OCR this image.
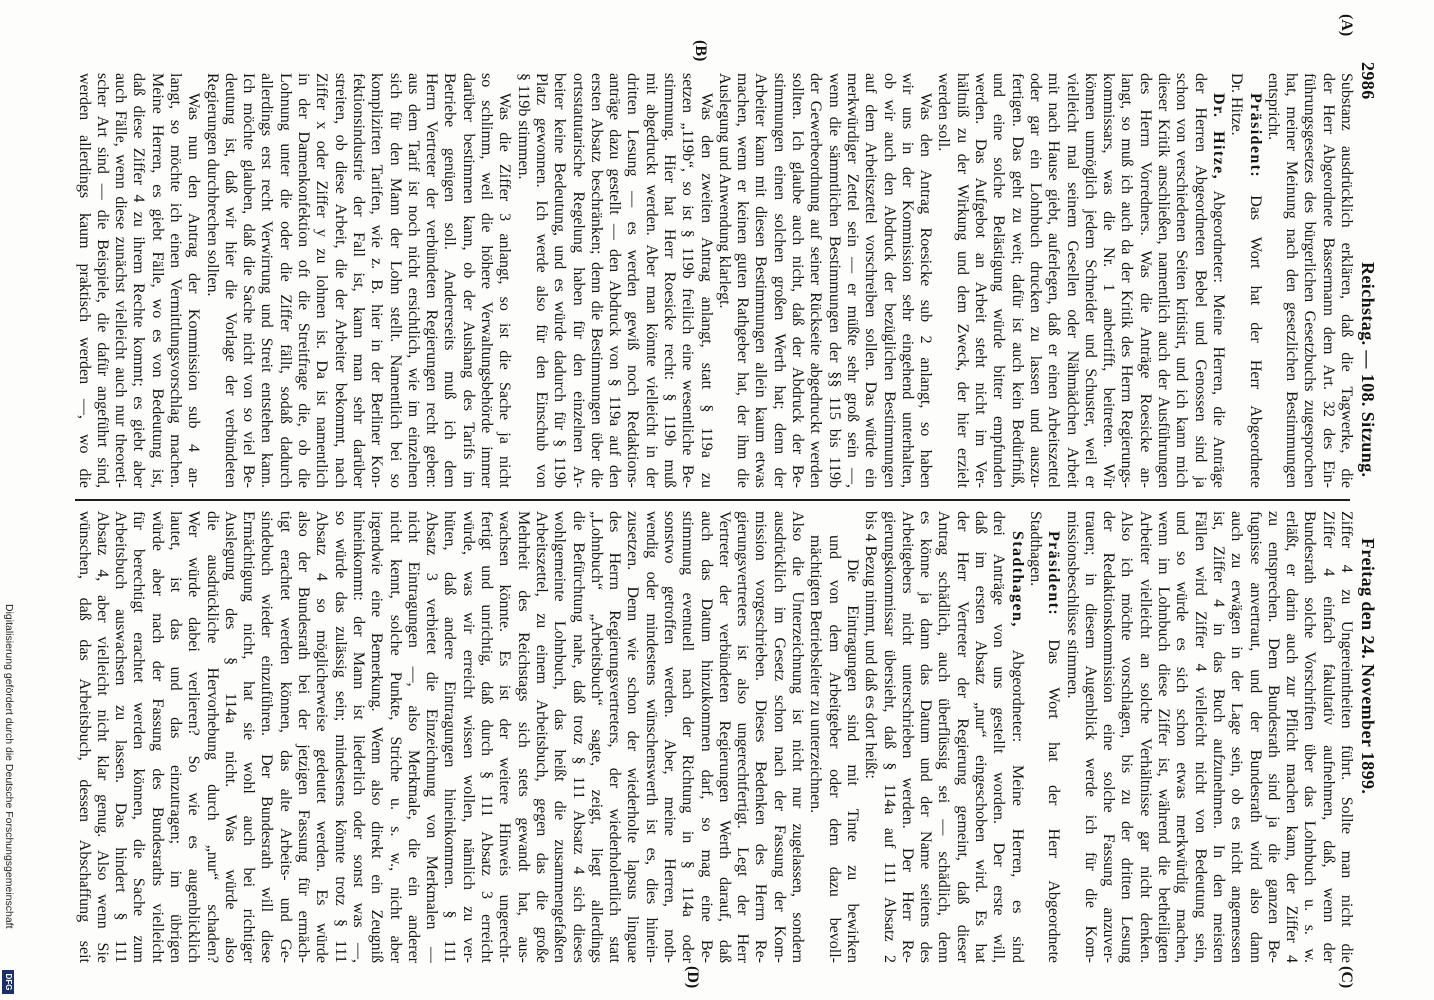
2986
Reichstag. — 108. Sitzung.
Freitag den 24. November 1899.
(A)
(B)
(C)
(D)
Substanz ausdrücklich erklären, daß die Tagwerke, die
der Herr Abgeordnete Bassermann dem Art. 32 des Ein-
führungsgesetzes des bürgerlichen Gesetzbuchs zugesprochen
hat, meiner Meinung nach den gesetzlichen Bestimmungen
entspricht.
Präsident: Das Wort hat der Herr Abgeordnete
Dr. Hitze.
Dr. Hitze, Abgeordneter: Meine Herren, die Anträge
der Herren Abgeordneten Bebel und Genossen sind ja
schon von verschiedenen Seiten kritisirt, und ich kann mich
dieser Kritik anschließen, namentlich auch der Ausführungen
des Herrn Vorredners. Was die Anträge Roesicke an-
langt, so muß ich auch da der Kritik des Herrn Regierungs-
kommissars, was die Nr. 1 anbetrifft, beitreten. Wir
können unmöglich jedem Schneider und Schuster, weil er
vielleicht mal seinem Gesellen oder Nähmädchen Arbeit
mit nach Hause giebt, auferlegen, daß er einen Arbeitszettel
oder gar ein Lohnbuch drucken zu lassen und auszu-
fertigen. Das geht zu weit; dafür ist auch kein Bedürfniß,
und eine solche Belästigung würde bitter empfunden
werden. Das Aufgebot an Arbeit steht nicht im Ver-
hältniß zu der Wirkung und dem Zweck, der hier erzielt
werden soll.
Was den Antrag Roesicke sub 2 anlangt, so haben
wir uns in der Kommission sehr eingehend unterhalten,
ob wir auch den Abdruck der bezüglichen Bestimmungen
auf dem Arbeitszettel vorschreiben sollen. Das würde ein
merkwürdiger Zettel sein — er müßte sehr groß sein —,
wenn die sämmtlichen Bestimmungen der §§ 115 bis 119b
der Gewerbeordnung auf seiner Rückseite abgedruckt werden
sollten. Ich glaube auch nicht, daß der Abdruck der Be-
stimmungen einen solchen großen Werth hat; denn der
Arbeiter kann mit diesen Bestimmungen allein kaum etwas
machen, wenn er keinen guten Rathgeber hat, der ihm die
Auslegung und Anwendung klarlegt.
Was den zweiten Antrag anlangt, statt § 119a zu
setzen „119b“, so ist § 119b freilich eine wesentliche Be-
stimmung. Hier hat Herr Roesicke recht: § 119b muß
mit abgedruckt werden. Aber man könnte vielleicht in der
dritten Lesung — es werden gewiß noch Redaktions-
anträge dazu gestellt — den Abdruck von § 119a auf den
ersten Absatz beschränken; denn die Bestimmungen über die
ortsstatutarische Regelung haben für den einzelnen Ar-
beiter keine Bedeutung, und es würde dadurch für § 119b
Platz gewonnen. Ich werde also für den Einschub von
§ 119b stimmen.
Was die Ziffer 3 anlangt, so ist die Sache ja nicht
so schlimm, weil die höhere Verwaltungsbehörde immer
darüber bestimmen kann, ob der Aushang des Tarifs im
Betriebe genügen soll. Andererseits muß ich dem
Herrn Vertreter der verbündeten Regierungen recht geben:
aus dem Tarif ist noch nicht ersichtlich, wie im einzelnen
sich für den Mann der Lohn stellt. Namentlich bei so
komplizirten Tarifen, wie z. B. hier in der Berliner Kon-
fektionsindustrie der Fall ist, kann man sehr darüber
streiten, ob diese Arbeit, die der Arbeiter bekommt, nach
Ziffer x oder Ziffer y zu lohnen ist. Da ist namentlich
in der Damenkonfektion oft die Streitfrage die, ob die
Lohnung unter die oder die Ziffer fällt, sodaß dadurch
allerdings erst recht Verwirrung und Streit entstehen kann.
Ich möchte glauben, daß die Sache nicht von so viel Be-
deutung ist, daß wir hier die Vorlage der verbündeten
Regierungen durchbrechen sollten.
Was nun den Antrag der Kommission sub 4 an-
langt, so möchte ich einen Vermittlungsvorschlag machen.
Meine Herren, es giebt Fälle, wo es von Bedeutung ist,
daß diese Ziffer 4 zu ihrem Rechte kommt; es giebt aber
auch Fälle, wenn diese zunächst vielleicht auch nur theoreti-
scher Art sind — die Beispiele, die dafür angeführt sind,
werden allerdings kaum praktisch werden —, wo die
Ziffer 4 zu Ungereimtheiten führt. Sollte man nicht die
Ziffer 4 einfach fakultativ aufnehmen, daß, wenn der
Bundesrath solche Vorschriften über das Lohnbuch u. s. w.
erläßt, er darin auch zur Pflicht machen kann, der Ziffer 4
zu entsprechen. Dem Bundesrath sind ja die ganzen Be-
fugnisse anvertraut, und der Bundesrath wird also dann
auch zu erwägen in der Lage sein, ob es nicht angemessen
ist, Ziffer 4 in das Buch aufzunehmen. In den meisten
Fällen wird Ziffer 4 vielleicht nicht von Bedeutung sein,
und so würde es sich schon etwas merkwürdig machen,
wenn im Lohnbuch diese Ziffer ist, während die betheiligten
Arbeiter vielleicht an solche Verhältnisse gar nicht denken.
Also ich möchte vorschlagen, bis zu der dritten Lesung
der Redaktionskommission eine solche Fassung anzuver-
trauen; in diesem Augenblick werde ich für die Kom-
missionsbeschlüsse stimmen.
Präsident: Das Wort hat der Herr Abgeordnete
Stadthagen.
Stadthagen, Abgeordneter: Meine Herren, es sind
drei Anträge von uns gestellt worden. Der erste will,
daß im ersten Absatz „nur“ eingeschoben wird. Es hat
der Herr Vertreter der Regierung gemeint, daß dieser
Antrag schädlich, auch überflüssig sei — schädlich, denn
es könne ja dann das Datum und der Name seitens des
Arbeitgebers nicht unterschrieben werden. Der Herr Re-
gierungskommissar übersieht, daß § 114a auf 111 Absatz 2
bis 4 Bezug nimmt, und daß es dort heißt:
Die Eintragungen sind mit Tinte zu bewirken
und von dem Arbeitgeber oder dem dazu bevoll-
mächtigten Betriebsleiter zu unterzeichnen.
Also die Unterzeichnung ist nicht nur zugelassen, sondern
ausdrücklich im Gesetz schon nach der Fassung der Kom-
mission vorgeschrieben. Dieses Bedenken des Herrn Re-
gierungsvertreters ist also ungerechtfertigt. Legt der Herr
Vertreter der verbündeten Regierungen Werth darauf, daß
auch das Datum hinzukommen darf, so mag eine Be-
stimmung eventuell nach der Richtung in § 114a oder
sonstwo getroffen werden. Aber, meine Herren, noth-
wendig oder mindestens wünschenswerth ist es, dies hinein-
zusetzen. Denn wie schon der wiederholte lapsus linguae
des Herrn Regierungsvertreters, der wiederholentlich statt
„Lohnbuch“ „Arbeitsbuch“ sagte, zeigt, liegt allerdings
die Befürchtung nahe, daß trotz § 111 Absatz 4 sich dieses
wohlgemeinte Lohnbuch, das heißt die zusammengefaßten
Arbeitszettel, zu einem Arbeitsbuch, gegen das die große
Mehrheit des Reichstags sich stets gewandt hat, aus-
wachsen könnte. Es ist der weitere Hinweis ungerecht-
fertigt und unrichtig, daß durch § 111 Absatz 3 erreicht
würde, was wir erreicht wissen wollen, nämlich zu ver-
hüten, daß andere Eintragungen hineinkommen. § 111
Absatz 3 verbietet die Einzeichnung von Merkmalen —
nicht Eintragungen —, also Merkmale, die ein anderer
nicht kennt, solche Punkte, Striche u. s. w., nicht aber
irgendwie eine Bemerkung. Wenn also direkt ein Zeugniß
hineinkommt: der Mann ist liederlich oder sonst was —,
so würde das zulässig sein; mindestens könnte trotz § 111
Absatz 4 so möglicherweise gedeutet werden. Es würde
also der Bundesrath bei der jetzigen Fassung für ermäch-
tigt erachtet werden können, das alte Arbeits- und Ge-
sindebuch wieder einzuführen. Der Bundesrath will diese
Ermächtigung nicht, hat sie wohl auch bei richtiger
Auslegung des § 114a nicht. Was würde also
die ausdrückliche Hervorhebung durch „nur“ schaden?
Wer würde dabei verlieren? So wie es augenblicklich
lautet, ist das und das einzutragen; im übrigen
würde aber nach der Fassung des Bundesraths vielleicht
für berechtigt erachtet werden können, die Sache zum
Arbeitsbuch auswachsen zu lassen. Das hindert § 111
Absatz 4, aber vielleicht nicht klar genug. Also wenn Sie
wünschen, daß das Arbeitsbuch, dessen Abschaffung seit
Digitalisierung gefördert durch die Deutsche Forschungsgemeinschaft
DFG
